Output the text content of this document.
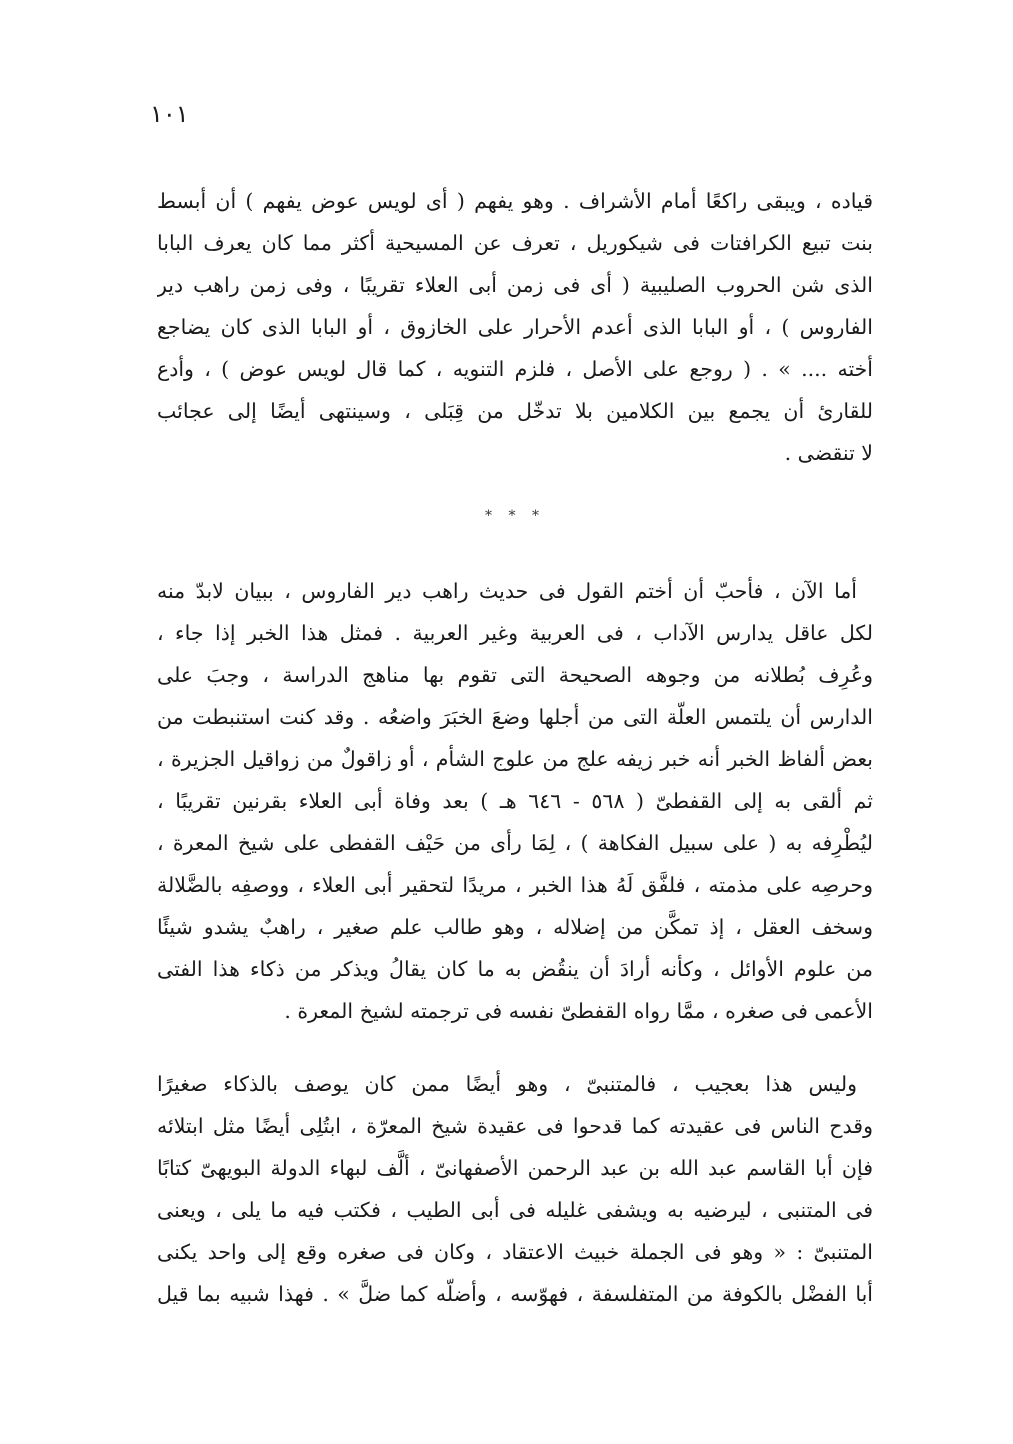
١٠١
قياده ، ويبقى راكعًا أمام الأشراف . وهو يفهم ( أى لويس عوض يفهم ) أن أبسط
بنت تبيع الكرافتات فى شيكوريل ، تعرف عن المسيحية أكثر مما كان يعرف البابا
الذى شن الحروب الصليبية ( أى فى زمن أبى العلاء تقريبًا ، وفى زمن راهب دير
الفاروس ) ، أو البابا الذى أعدم الأحرار على الخازوق ، أو البابا الذى كان يضاجع
أخته .... » . ( روجع على الأصل ، فلزم التنويه ، كما قال لويس عوض ) ، وأدع
للقارئ أن يجمع بين الكلامين بلا تدخّل من قِبَلى ، وسينتهى أيضًا إلى عجائب
لا تنقضى .
* * *
أما الآن ، فأحبّ أن أختم القول فى حديث راهب دير الفاروس ، ببيان لابدّ منه
لكل عاقل يدارس الآداب ، فى العربية وغير العربية . فمثل هذا الخبر إذا جاء ،
وعُرِف بُطلانه من وجوهه الصحيحة التى تقوم بها مناهج الدراسة ، وجبَ على
الدارس أن يلتمس العلّة التى من أجلها وضعَ الخبَرَ واضعُه . وقد كنت استنبطت من
بعض ألفاظ الخبر أنه خبر زيفه علج من علوج الشأم ، أو زاقولٌ من زواقيل الجزيرة ،
ثم ألقى به إلى القفطىّ ( ٥٦٨ - ٦٤٦ هـ ) بعد وفاة أبى العلاء بقرنين تقريبًا ،
ليُطْرِفه به ( على سبيل الفكاهة ) ، لِمَا رأى من حَيْف القفطى على شيخ المعرة ،
وحرصِه على مذمته ، فلفَّق لَهُ هذا الخبر ، مريدًا لتحقير أبى العلاء ، ووصفِه بالضَّلالة
وسخف العقل ، إذ تمكَّن من إضلاله ، وهو طالب علم صغير ، راهبٌ يشدو شيئًا
من علوم الأوائل ، وكأنه أرادَ أن ينقُض به ما كان يقالُ ويذكر من ذكاء هذا الفتى
الأعمى فى صغره ، ممَّا رواه القفطىّ نفسه فى ترجمته لشيخ المعرة .
وليس هذا بعجيب ، فالمتنبىّ ، وهو أيضًا ممن كان يوصف بالذكاء صغيرًا
وقدح الناس فى عقيدته كما قدحوا فى عقيدة شيخ المعرّة ، ابتُلِى أيضًا مثل ابتلائه
فإن أبا القاسم عبد الله بن عبد الرحمن الأصفهانىّ ، ألَّف لبهاء الدولة البويهىّ كتابًا
فى المتنبى ، ليرضيه به ويشفى غليله فى أبى الطيب ، فكتب فيه ما يلى ، ويعنى
المتنبىّ : « وهو فى الجملة خبيث الاعتقاد ، وكان فى صغره وقع إلى واحد يكنى
أبا الفضْل بالكوفة من المتفلسفة ، فهوّسه ، وأضلّه كما ضلَّ » . فهذا شبيه بما قيل
